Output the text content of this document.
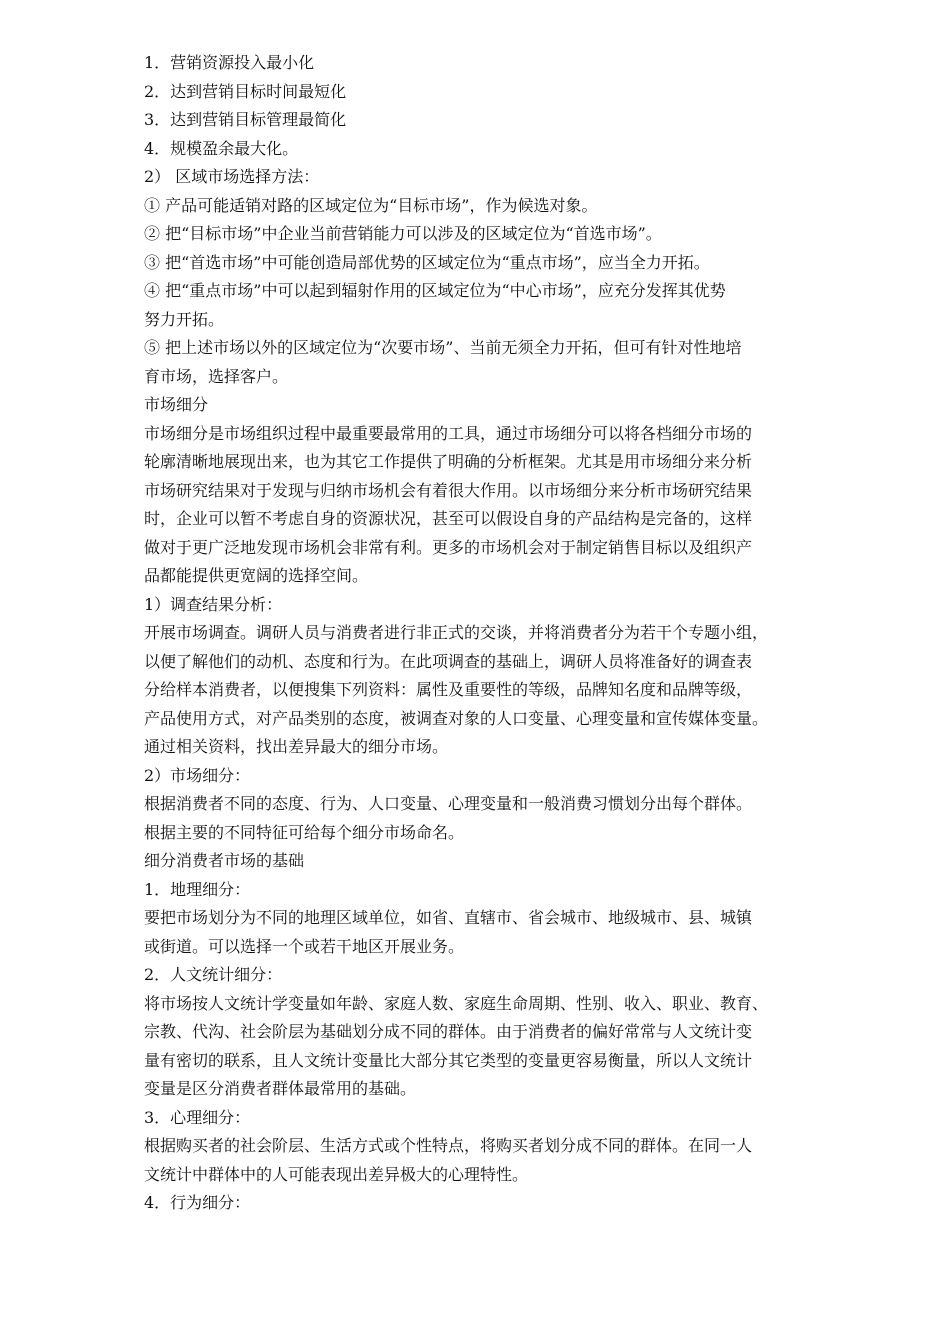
1．营销资源投入最小化

2．达到营销目标时间最短化

3．达到营销目标管理最简化

4．规模盈余最大化。

2） 区域市场选择方法：

① 产品可能适销对路的区域定位为“目标市场”，作为候选对象。

② 把“目标市场”中企业当前营销能力可以涉及的区域定位为“首选市场”。

③ 把“首选市场”中可能创造局部优势的区域定位为“重点市场”，应当全力开拓。

④ 把“重点市场”中可以起到辐射作用的区域定位为“中心市场”，应充分发挥其优势

努力开拓。

⑤ 把上述市场以外的区域定位为“次要市场”、当前无须全力开拓，但可有针对性地培

育市场，选择客户。

市场细分

市场细分是市场组织过程中最重要最常用的工具，通过市场细分可以将各档细分市场的

轮廓清晰地展现出来，也为其它工作提供了明确的分析框架。尤其是用市场细分来分析

市场研究结果对于发现与归纳市场机会有着很大作用。以市场细分来分析市场研究结果

时，企业可以暂不考虑自身的资源状况，甚至可以假设自身的产品结构是完备的，这样

做对于更广泛地发现市场机会非常有利。更多的市场机会对于制定销售目标以及组织产

品都能提供更宽阔的选择空间。

1）调查结果分析：

开展市场调查。调研人员与消费者进行非正式的交谈，并将消费者分为若干个专题小组，

以便了解他们的动机、态度和行为。在此项调查的基础上，调研人员将准备好的调查表

分给样本消费者，以便搜集下列资料：属性及重要性的等级，品牌知名度和品牌等级，

产品使用方式，对产品类别的态度，被调查对象的人口变量、心理变量和宣传媒体变量。

通过相关资料，找出差异最大的细分市场。

2）市场细分：

根据消费者不同的态度、行为、人口变量、心理变量和一般消费习惯划分出每个群体。

根据主要的不同特征可给每个细分市场命名。

细分消费者市场的基础

1．地理细分：

要把市场划分为不同的地理区域单位，如省、直辖市、省会城市、地级城市、县、城镇

或街道。可以选择一个或若干地区开展业务。

2．人文统计细分：

将市场按人文统计学变量如年龄、家庭人数、家庭生命周期、性别、收入、职业、教育、

宗教、代沟、社会阶层为基础划分成不同的群体。由于消费者的偏好常常与人文统计变

量有密切的联系，且人文统计变量比大部分其它类型的变量更容易衡量，所以人文统计

变量是区分消费者群体最常用的基础。

3．心理细分：

根据购买者的社会阶层、生活方式或个性特点，将购买者划分成不同的群体。在同一人

文统计中群体中的人可能表现出差异极大的心理特性。

4．行为细分：
